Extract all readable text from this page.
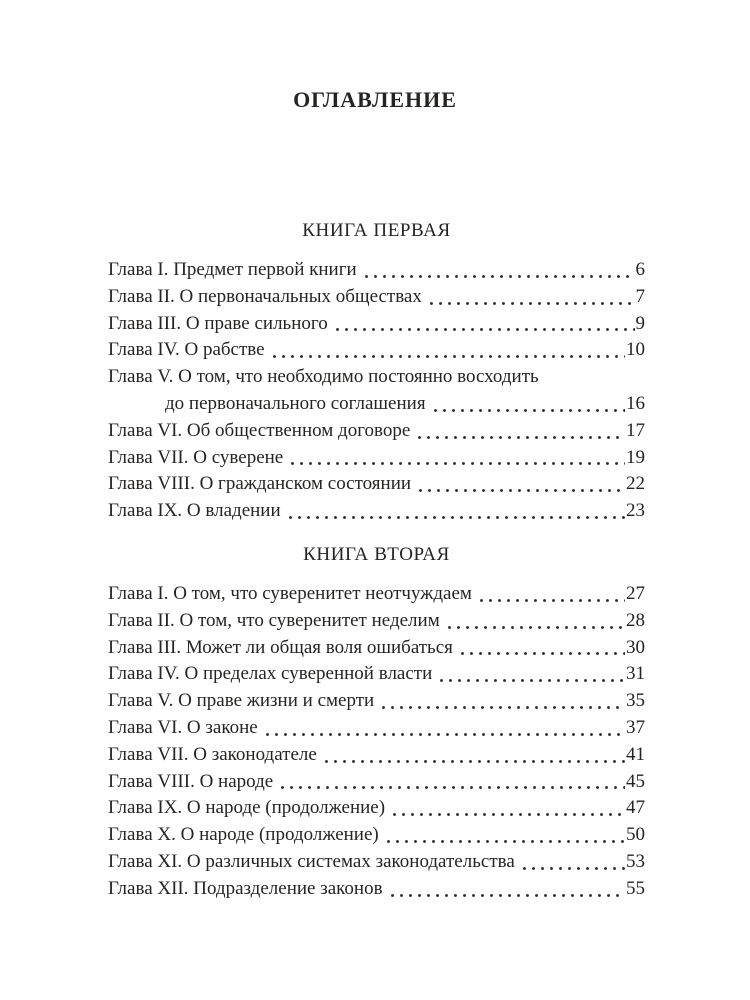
ОГЛАВЛЕНИЕ
КНИГА ПЕРВАЯ
Глава I. Предмет первой книги	6
Глава II. О первоначальных обществах	7
Глава III. О праве сильного	9
Глава IV. О рабстве	10
Глава V. О том, что необходимо постоянно восходить
до первоначального соглашения	16
Глава VI. Об общественном договоре	17
Глава VII. О суверене	19
Глава VIII. О гражданском состоянии	22
Глава IX. О владении	23
КНИГА ВТОРАЯ
Глава I. О том, что суверенитет неотчуждаем	27
Глава II. О том, что суверенитет неделим	28
Глава III. Может ли общая воля ошибаться	30
Глава IV. О пределах суверенной власти	31
Глава V. О праве жизни и смерти	35
Глава VI. О законе	37
Глава VII. О законодателе	41
Глава VIII. О народе	45
Глава IX. О народе (продолжение)	47
Глава X. О народе (продолжение)	50
Глава XI. О различных системах законодательства	53
Глава XII. Подразделение законов	55
